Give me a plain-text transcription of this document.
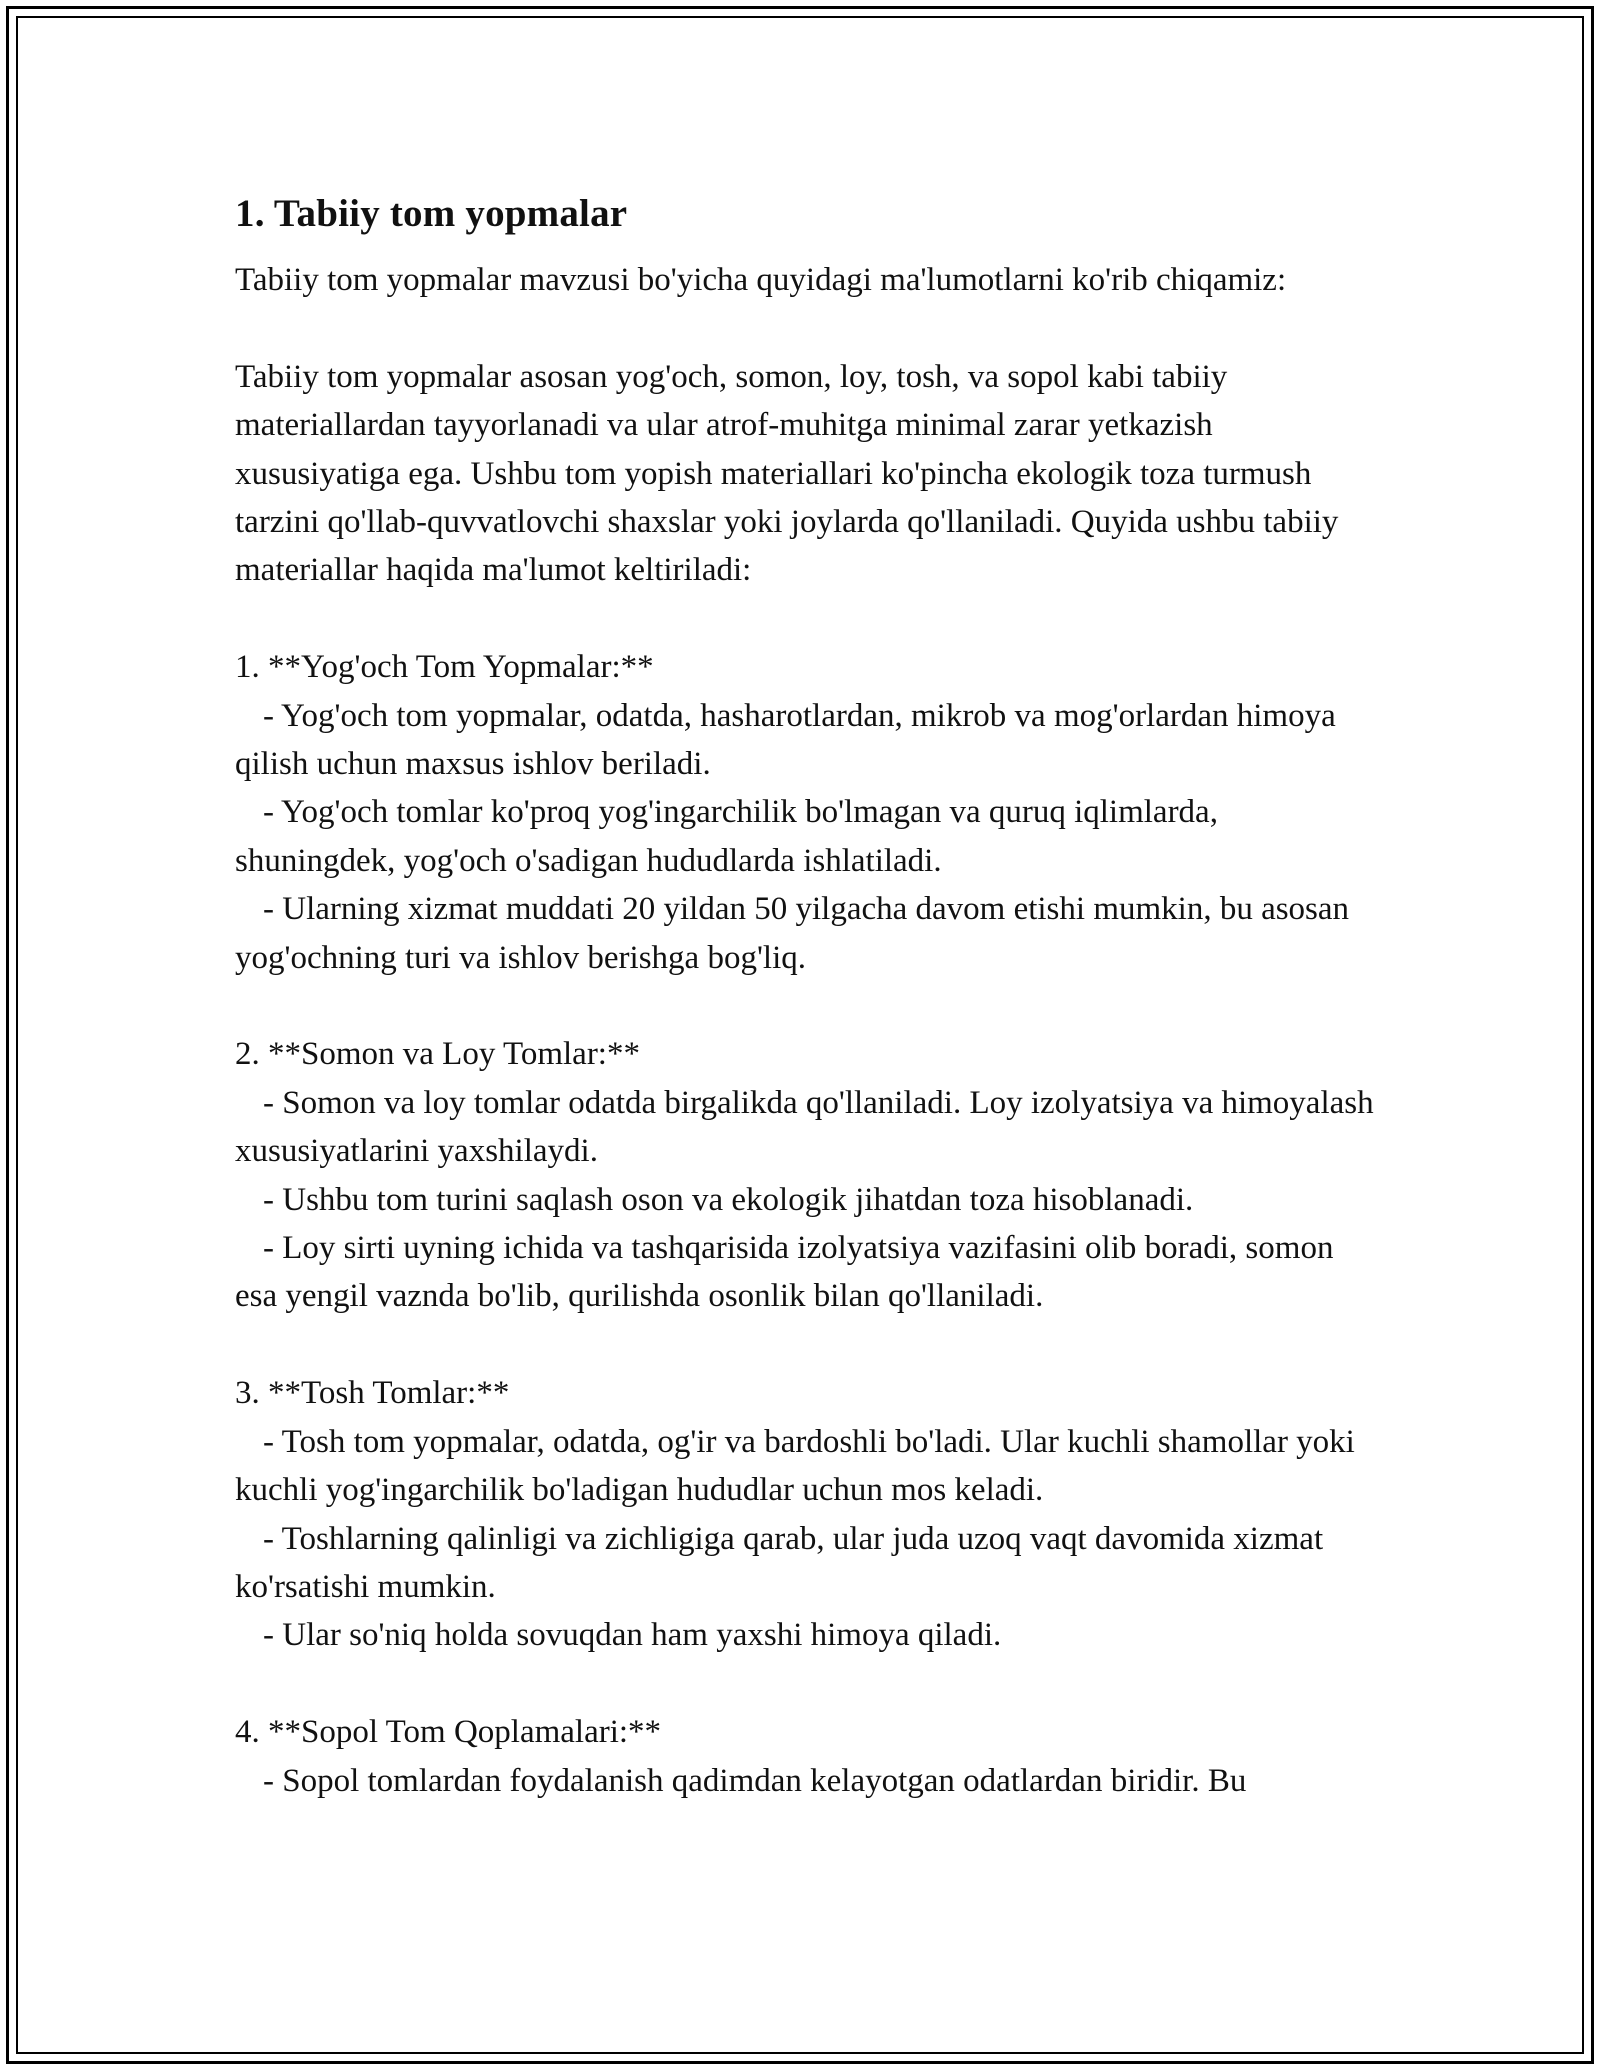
1. Tabiiy tom yopmalar

Tabiiy tom yopmalar mavzusi bo'yicha quyidagi ma'lumotlarni ko'rib chiqamiz:

Tabiiy tom yopmalar asosan yog'och, somon, loy, tosh, va sopol kabi tabiiy materiallardan tayyorlanadi va ular atrof-muhitga minimal zarar yetkazish xususiyatiga ega. Ushbu tom yopish materiallari ko'pincha ekologik toza turmush tarzini qo'llab-quvvatlovchi shaxslar yoki joylarda qo'llaniladi. Quyida ushbu tabiiy materiallar haqida ma'lumot keltiriladi:

1. **Yog'och Tom Yopmalar:**

- Yog'och tom yopmalar, odatda, hasharotlardan, mikrob va mog'orlardan himoya qilish uchun maxsus ishlov beriladi.

- Yog'och tomlar ko'proq yog'ingarchilik bo'lmagan va quruq iqlimlarda, shuningdek, yog'och o'sadigan hududlarda ishlatiladi.

- Ularning xizmat muddati 20 yildan 50 yilgacha davom etishi mumkin, bu asosan yog'ochning turi va ishlov berishga bog'liq.

2. **Somon va Loy Tomlar:**

- Somon va loy tomlar odatda birgalikda qo'llaniladi. Loy izolyatsiya va himoyalash xususiyatlarini yaxshilaydi.

- Ushbu tom turini saqlash oson va ekologik jihatdan toza hisoblanadi.

- Loy sirti uyning ichida va tashqarisida izolyatsiya vazifasini olib boradi, somon esa yengil vaznda bo'lib, qurilishda osonlik bilan qo'llaniladi.

3. **Tosh Tomlar:**

- Tosh tom yopmalar, odatda, og'ir va bardoshli bo'ladi. Ular kuchli shamollar yoki kuchli yog'ingarchilik bo'ladigan hududlar uchun mos keladi.

- Toshlarning qalinligi va zichligiga qarab, ular juda uzoq vaqt davomida xizmat ko'rsatishi mumkin.

- Ular so'niq holda sovuqdan ham yaxshi himoya qiladi.

4. **Sopol Tom Qoplamalari:**

- Sopol tomlardan foydalanish qadimdan kelayotgan odatlardan biridir. Bu
